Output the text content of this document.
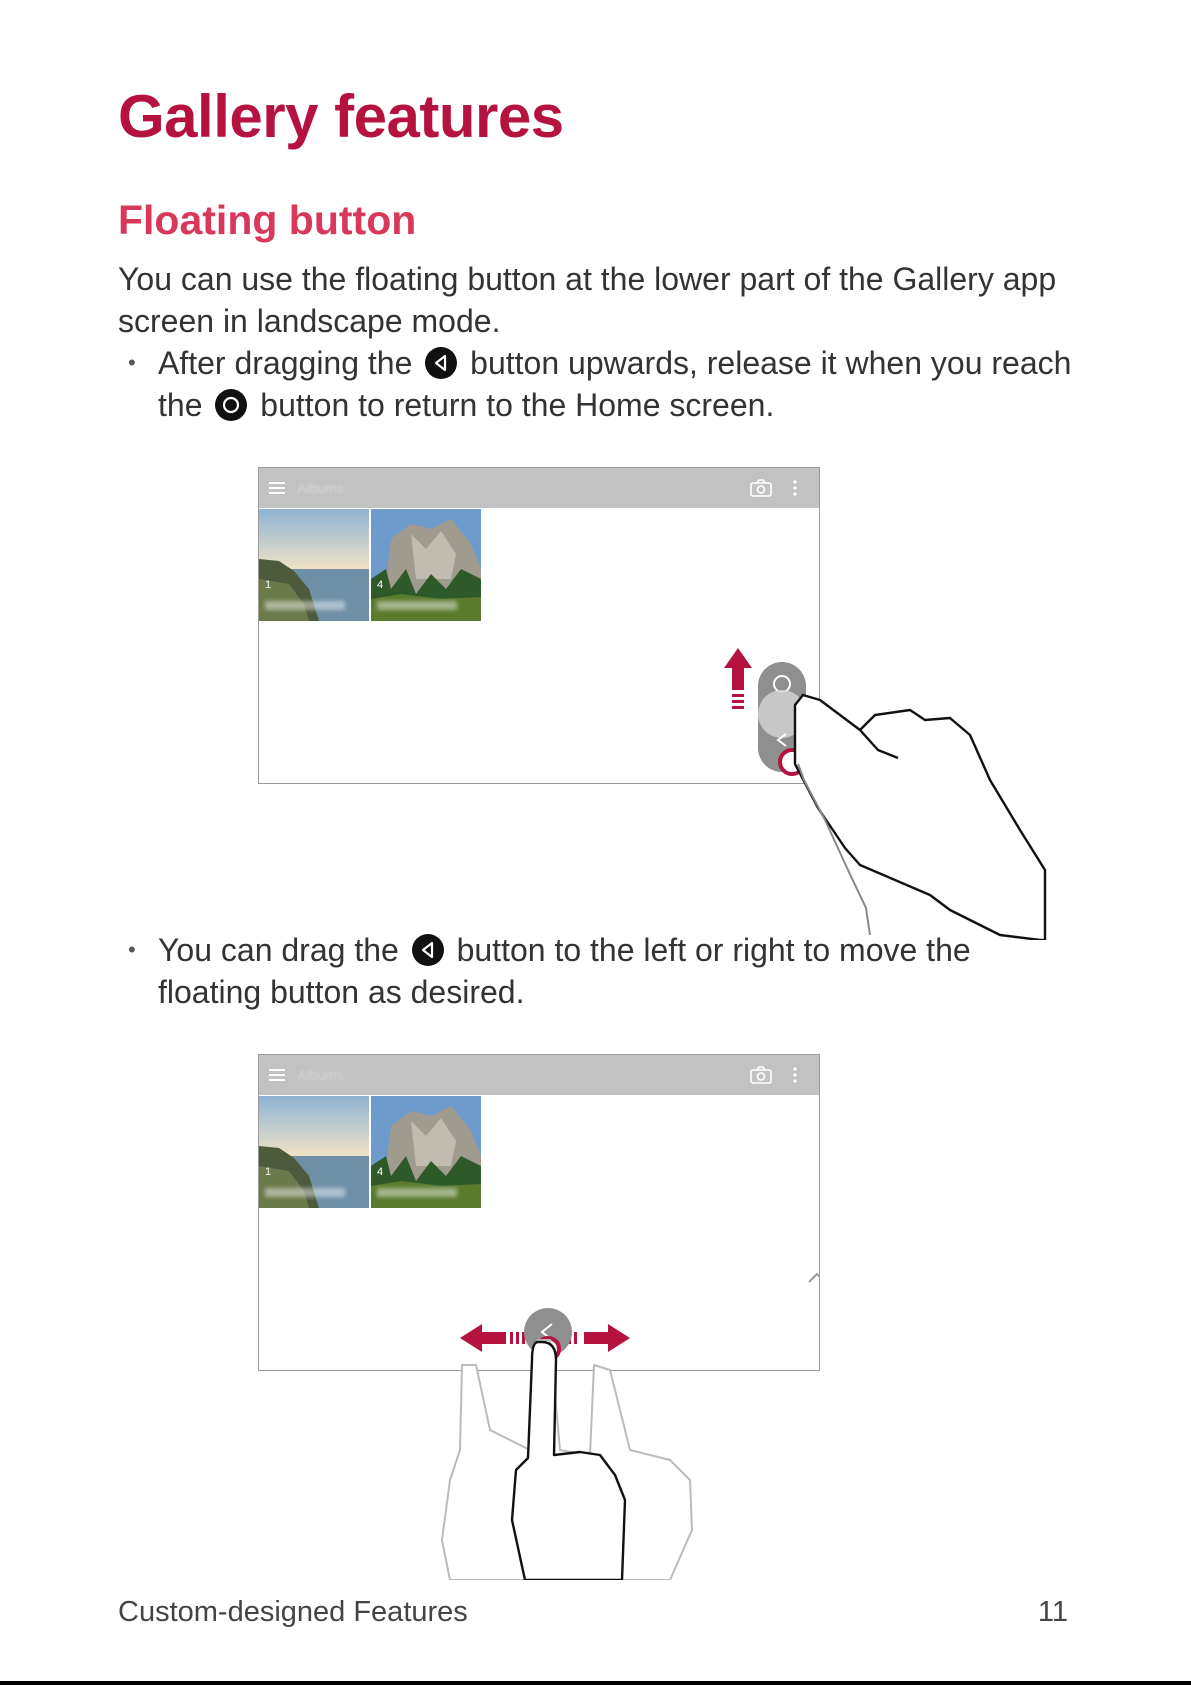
Gallery features
Floating button

You can use the floating button at the lower part of the Gallery app screen in landscape mode.

• After dragging the button upwards, release it when you reach the button to return to the Home screen.
Albums
1	4
• You can drag the button to the left or right to move the floating button as desired.
Albums
1	4
Custom-designed Features	11
